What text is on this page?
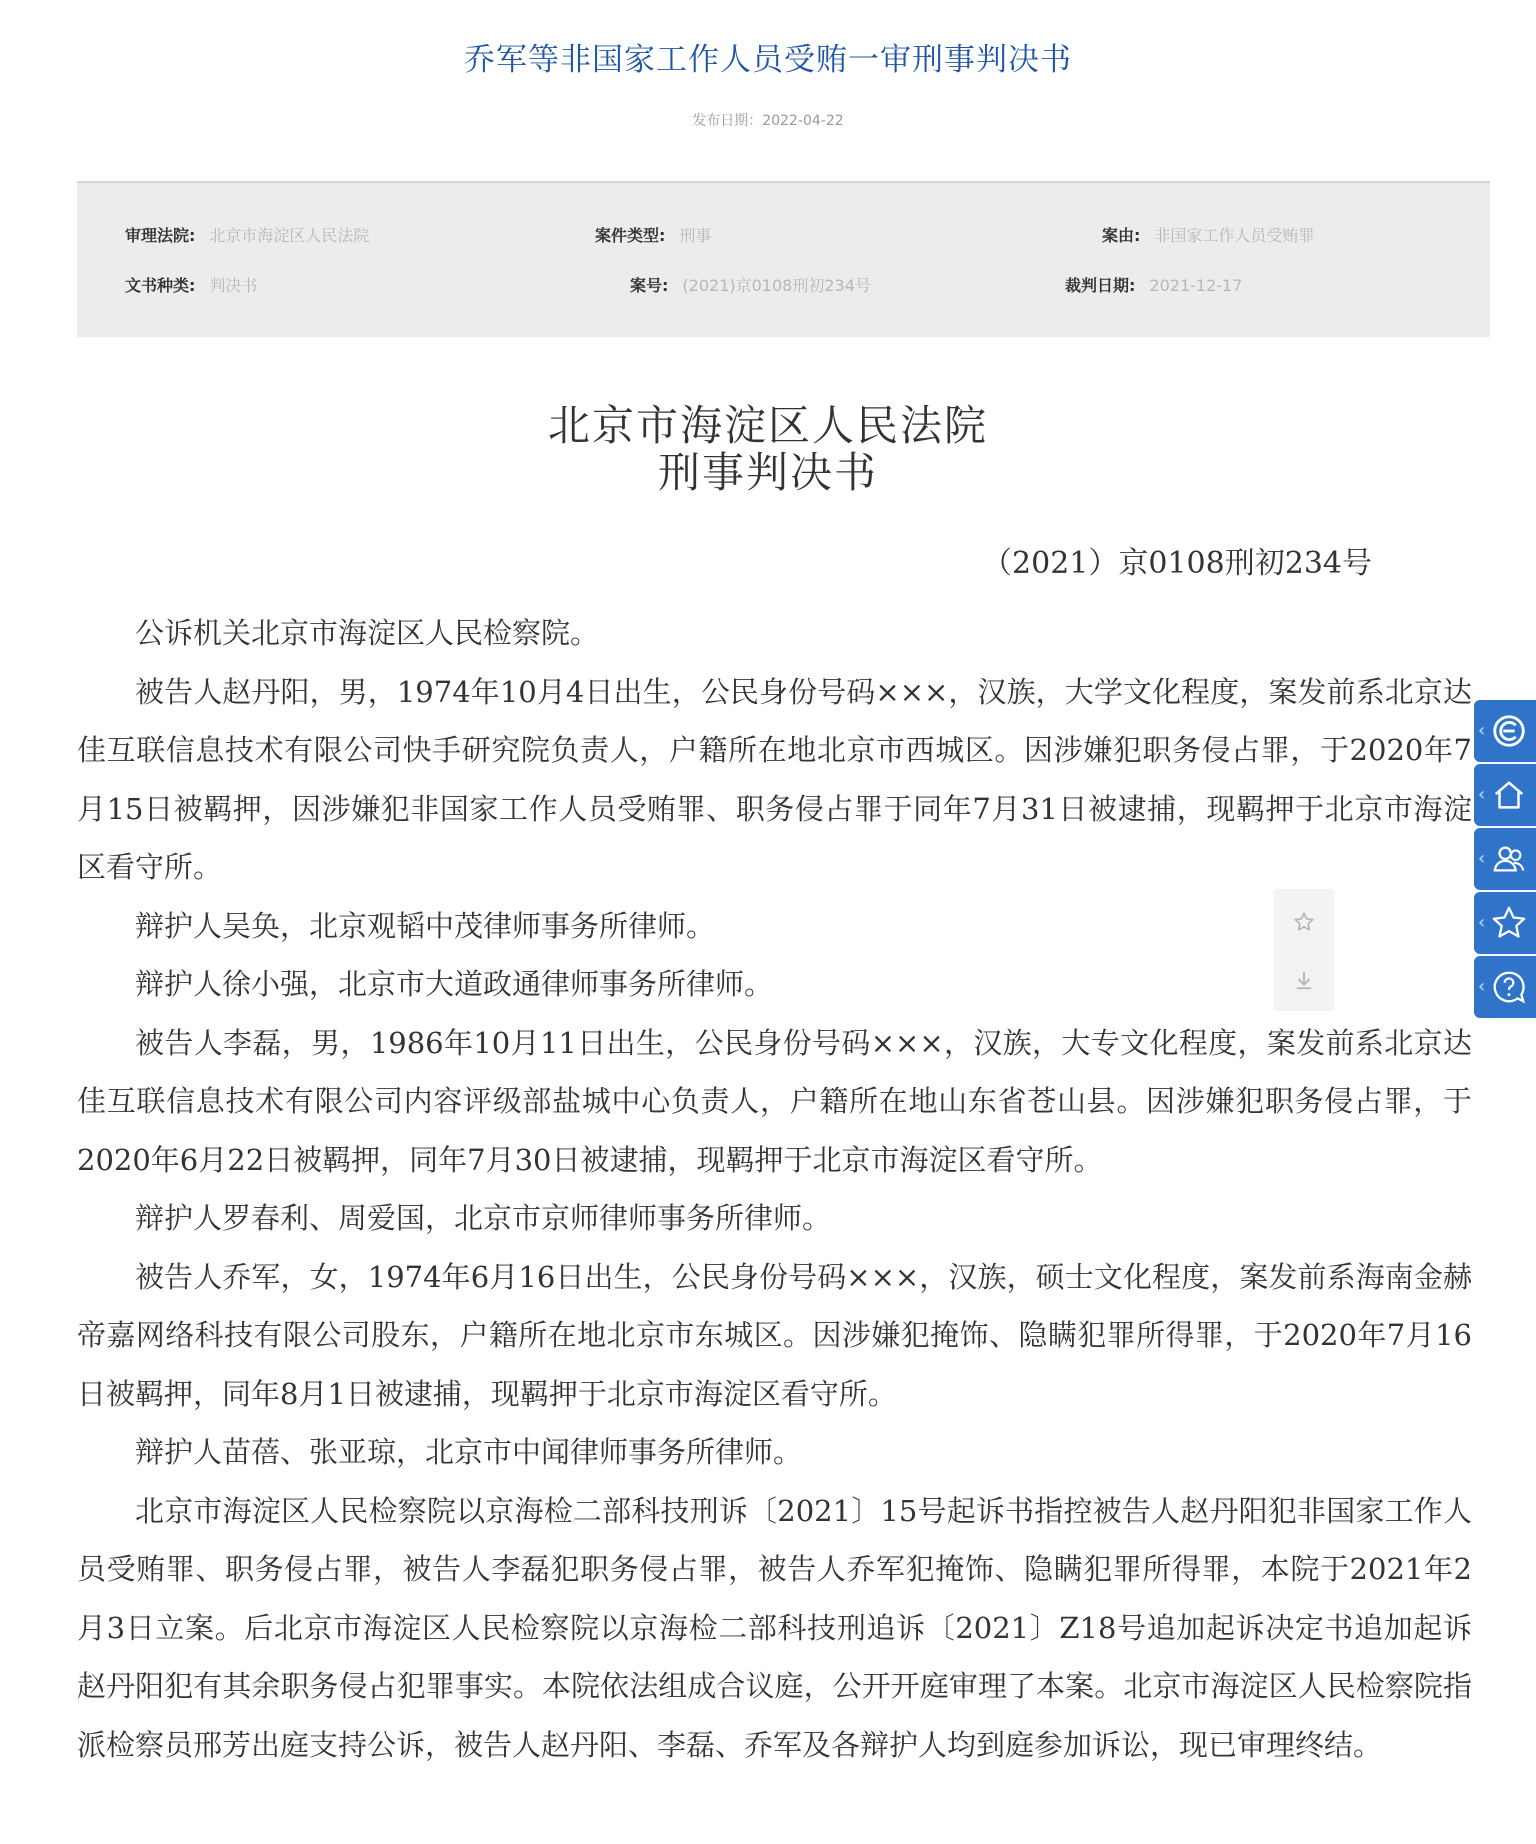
乔军等非国家工作人员受贿一审刑事判决书
发布日期：2022-04-22
审理法院: 北京市海淀区人民法院	案件类型: 刑事	案由: 非国家工作人员受贿罪
文书种类: 判决书	案号: (2021)京0108刑初234号	裁判日期: 2021-12-17
北京市海淀区人民法院
刑事判决书
（2021）京0108刑初234号

公诉机关北京市海淀区人民检察院。

被告人赵丹阳，男，1974年10月4日出生，公民身份号码×××，汉族，大学文化程度，案发前系北京达佳互联信息技术有限公司快手研究院负责人，户籍所在地北京市西城区。因涉嫌犯职务侵占罪，于2020年7月15日被羁押，因涉嫌犯非国家工作人员受贿罪、职务侵占罪于同年7月31日被逮捕，现羁押于北京市海淀区看守所。

辩护人吴奂，北京观韬中茂律师事务所律师。

辩护人徐小强，北京市大道政通律师事务所律师。

被告人李磊，男，1986年10月11日出生，公民身份号码×××，汉族，大专文化程度，案发前系北京达佳互联信息技术有限公司内容评级部盐城中心负责人，户籍所在地山东省苍山县。因涉嫌犯职务侵占罪，于2020年6月22日被羁押，同年7月30日被逮捕，现羁押于北京市海淀区看守所。

辩护人罗春利、周爱国，北京市京师律师事务所律师。

被告人乔军，女，1974年6月16日出生，公民身份号码×××，汉族，硕士文化程度，案发前系海南金赫帝嘉网络科技有限公司股东，户籍所在地北京市东城区。因涉嫌犯掩饰、隐瞒犯罪所得罪，于2020年7月16日被羁押，同年8月1日被逮捕，现羁押于北京市海淀区看守所。

辩护人苗蓓、张亚琼，北京市中闻律师事务所律师。

北京市海淀区人民检察院以京海检二部科技刑诉〔2021〕15号起诉书指控被告人赵丹阳犯非国家工作人员受贿罪、职务侵占罪，被告人李磊犯职务侵占罪，被告人乔军犯掩饰、隐瞒犯罪所得罪，本院于2021年2月3日立案。后北京市海淀区人民检察院以京海检二部科技刑追诉〔2021〕Z18号追加起诉决定书追加起诉赵丹阳犯有其余职务侵占犯罪事实。本院依法组成合议庭，公开开庭审理了本案。北京市海淀区人民检察院指派检察员邢芳出庭支持公诉，被告人赵丹阳、李磊、乔军及各辩护人均到庭参加诉讼，现已审理终结。

‹
‹
‹
‹
‹
